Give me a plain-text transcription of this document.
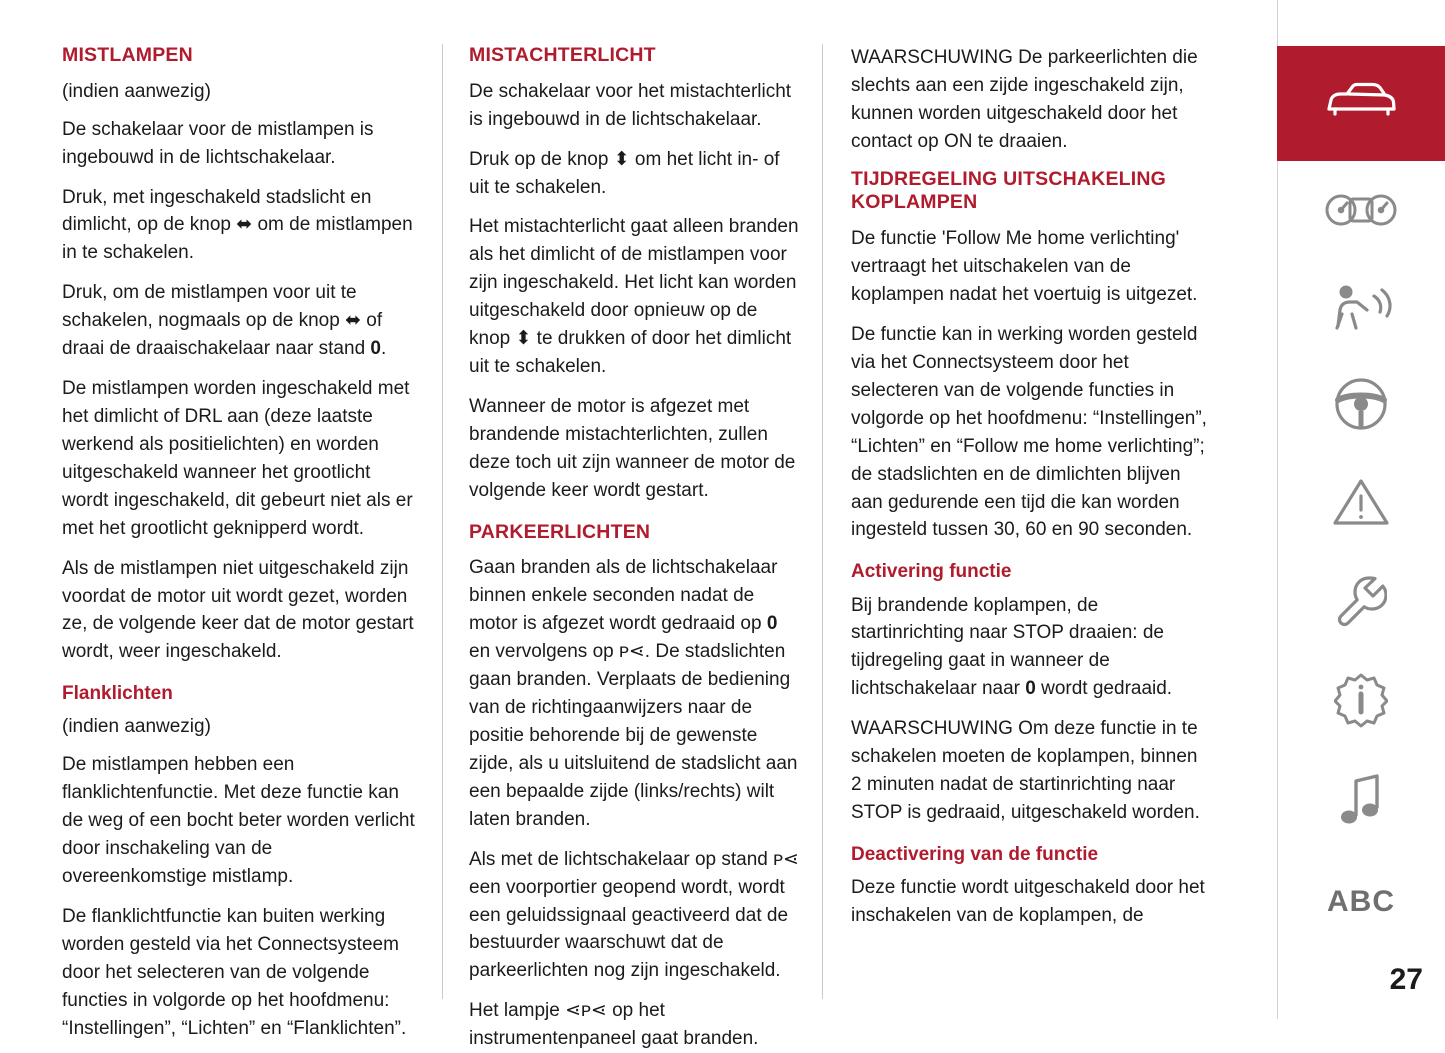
MISTLAMPEN

(indien aanwezig)

De schakelaar voor de mistlampen is ingebouwd in de lichtschakelaar.

Druk, met ingeschakeld stadslicht en dimlicht, op de knop ⬌ om de mistlampen in te schakelen.

Druk, om de mistlampen voor uit te schakelen, nogmaals op de knop ⬌ of draai de draaischakelaar naar stand 0.

De mistlampen worden ingeschakeld met het dimlicht of DRL aan (deze laatste werkend als positielichten) en worden uitgeschakeld wanneer het grootlicht wordt ingeschakeld, dit gebeurt niet als er met het grootlicht geknipperd wordt.

Als de mistlampen niet uitgeschakeld zijn voordat de motor uit wordt gezet, worden ze, de volgende keer dat de motor gestart wordt, weer ingeschakeld.

Flanklichten

(indien aanwezig)

De mistlampen hebben een flanklichtenfunctie. Met deze functie kan de weg of een bocht beter worden verlicht door inschakeling van de overeenkomstige mistlamp.

De flanklichtfunctie kan buiten werking worden gesteld via het Connectsysteem door het selecteren van de volgende functies in volgorde op het hoofdmenu: “Instellingen”, “Lichten” en “Flanklichten”.

MISTACHTERLICHT

De schakelaar voor het mistachterlicht is ingebouwd in de lichtschakelaar.

Druk op de knop ⬍ om het licht in- of uit te schakelen.

Het mistachterlicht gaat alleen branden als het dimlicht of de mistlampen voor zijn ingeschakeld. Het licht kan worden uitgeschakeld door opnieuw op de knop ⬍ te drukken of door het dimlicht uit te schakelen.

Wanneer de motor is afgezet met brandende mistachterlichten, zullen deze toch uit zijn wanneer de motor de volgende keer wordt gestart.

PARKEERLICHTEN

Gaan branden als de lichtschakelaar binnen enkele seconden nadat de motor is afgezet wordt gedraaid op 0 en vervolgens op ᴘ⋖. De stadslichten gaan branden. Verplaats de bediening van de richtingaanwijzers naar de positie behorende bij de gewenste zijde, als u uitsluitend de stadslicht aan een bepaalde zijde (links/rechts) wilt laten branden.

Als met de lichtschakelaar op stand ᴘ⋖ een voorportier geopend wordt, wordt een geluidssignaal geactiveerd dat de bestuurder waarschuwt dat de parkeerlichten nog zijn ingeschakeld.

Het lampje ⋖ᴘ⋖ op het instrumentenpaneel gaat branden.

WAARSCHUWING De parkeerlichten die slechts aan een zijde ingeschakeld zijn, kunnen worden uitgeschakeld door het contact op ON te draaien.

TIJDREGELING UITSCHAKELING KOPLAMPEN

De functie 'Follow Me home verlichting' vertraagt het uitschakelen van de koplampen nadat het voertuig is uitgezet.

De functie kan in werking worden gesteld via het Connectsysteem door het selecteren van de volgende functies in volgorde op het hoofdmenu: “Instellingen”, “Lichten” en “Follow me home verlichting”; de stadslichten en de dimlichten blijven aan gedurende een tijd die kan worden ingesteld tussen 30, 60 en 90 seconden.

Activering functie

Bij brandende koplampen, de startinrichting naar STOP draaien: de tijdregeling gaat in wanneer de lichtschakelaar naar 0 wordt gedraaid.

WAARSCHUWING Om deze functie in te schakelen moeten de koplampen, binnen 2 minuten nadat de startinrichting naar STOP is gedraaid, uitgeschakeld worden.

Deactivering van de functie

Deze functie wordt uitgeschakeld door het inschakelen van de koplampen, de	ABC
27
